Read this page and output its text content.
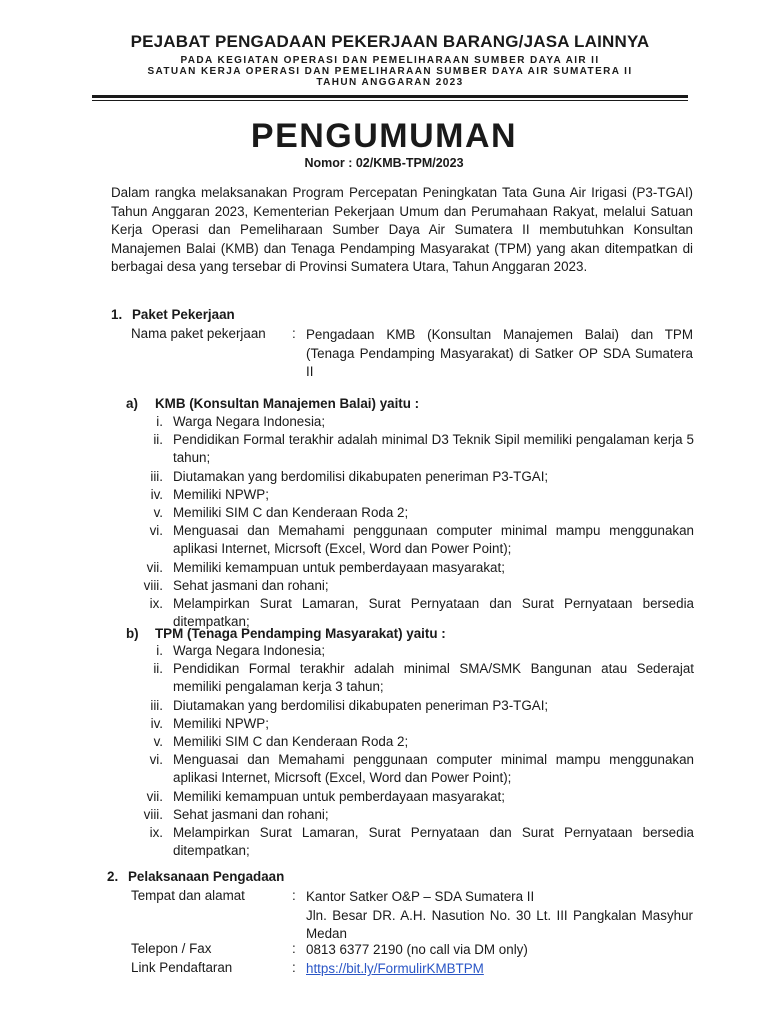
PEJABAT PENGADAAN PEKERJAAN BARANG/JASA LAINNYA
PADA KEGIATAN OPERASI DAN PEMELIHARAAN SUMBER DAYA AIR II
SATUAN KERJA OPERASI DAN PEMELIHARAAN SUMBER DAYA AIR SUMATERA II
TAHUN ANGGARAN 2023
PENGUMUMAN
Nomor : 02/KMB-TPM/2023
Dalam rangka melaksanakan Program Percepatan Peningkatan Tata Guna Air Irigasi (P3-TGAI) Tahun Anggaran 2023, Kementerian Pekerjaan Umum dan Perumahaan Rakyat, melalui Satuan Kerja Operasi dan Pemeliharaan Sumber Daya Air Sumatera II membutuhkan Konsultan Manajemen Balai (KMB) dan Tenaga Pendamping Masyarakat (TPM) yang akan ditempatkan di berbagai desa yang tersebar di Provinsi Sumatera Utara, Tahun Anggaran 2023.
1. Paket Pekerjaan
Nama paket pekerjaan : Pengadaan KMB (Konsultan Manajemen Balai) dan TPM (Tenaga Pendamping Masyarakat) di Satker OP SDA Sumatera II
a) KMB (Konsultan Manajemen Balai) yaitu :
i. Warga Negara Indonesia;
ii. Pendidikan Formal terakhir adalah minimal D3 Teknik Sipil memiliki pengalaman kerja 5 tahun;
iii. Diutamakan yang berdomilisi dikabupaten peneriman P3-TGAI;
iv. Memiliki NPWP;
v. Memiliki SIM C dan Kenderaan Roda 2;
vi. Menguasai dan Memahami penggunaan computer minimal mampu menggunakan aplikasi Internet, Micrsoft (Excel, Word dan Power Point);
vii. Memiliki kemampuan untuk pemberdayaan masyarakat;
viii. Sehat jasmani dan rohani;
ix. Melampirkan Surat Lamaran, Surat Pernyataan dan Surat Pernyataan bersedia ditempatkan;
b) TPM (Tenaga Pendamping Masyarakat) yaitu :
i. Warga Negara Indonesia;
ii. Pendidikan Formal terakhir adalah minimal SMA/SMK Bangunan atau Sederajat memiliki pengalaman kerja 3 tahun;
iii. Diutamakan yang berdomilisi dikabupaten peneriman P3-TGAI;
iv. Memiliki NPWP;
v. Memiliki SIM C dan Kenderaan Roda 2;
vi. Menguasai dan Memahami penggunaan computer minimal mampu menggunakan aplikasi Internet, Micrsoft (Excel, Word dan Power Point);
vii. Memiliki kemampuan untuk pemberdayaan masyarakat;
viii. Sehat jasmani dan rohani;
ix. Melampirkan Surat Lamaran, Surat Pernyataan dan Surat Pernyataan bersedia ditempatkan;
2. Pelaksanaan Pengadaan
Tempat dan alamat	: Kantor Satker O&P – SDA Sumatera II
Jln. Besar DR. A.H. Nasution No. 30 Lt. III Pangkalan Masyhur Medan
Telepon / Fax	: 0813 6377 2190 (no call via DM only)
Link Pendaftaran	: https://bit.ly/FormulirKMBTPM
